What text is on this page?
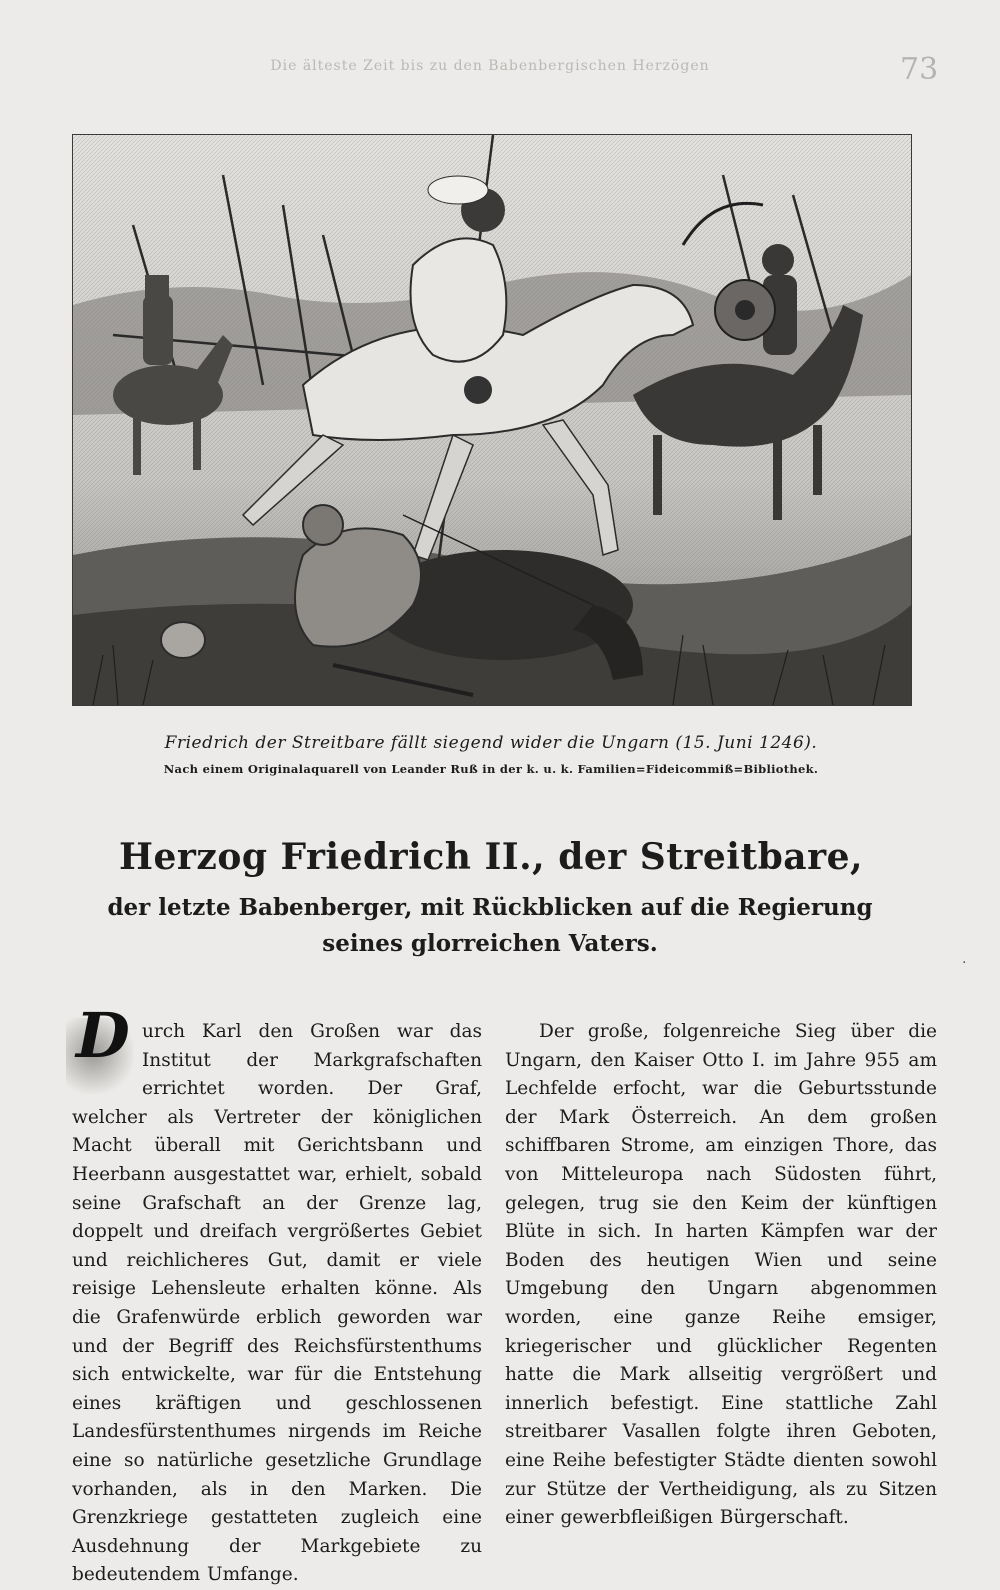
Die älteste Zeit bis zu den Babenbergischen Herzögen	73
Friedrich der Streitbare fällt siegend wider die Ungarn (15. Juni 1246).
Nach einem Originalaquarell von Leander Ruß in der k. u. k. Familien=Fideicommiß=Bibliothek.
Herzog Friedrich II., der Streitbare,
der letzte Babenberger, mit Rückblicken auf die Regierung seines glorreichen Vaters.
D urch Karl den Großen war das Institut der Markgrafschaften errichtet worden. Der Graf, welcher als Vertreter der königlichen Macht überall mit Gerichtsbann und Heerbann ausgestattet war, erhielt, sobald seine Grafschaft an der Grenze lag, doppelt und dreifach vergrößertes Gebiet und reichlicheres Gut, damit er viele reisige Lehensleute erhalten könne. Als die Grafenwürde erblich geworden war und der Begriff des Reichsfürstenthums sich entwickelte, war für die Entstehung eines kräftigen und geschlossenen Landesfürstenthumes nirgends im Reiche eine so natürliche gesetzliche Grundlage vorhanden, als in den Marken. Die Grenzkriege gestatteten zugleich eine Ausdehnung der Markgebiete zu bedeutendem Umfange.

Der große, folgenreiche Sieg über die Ungarn, den Kaiser Otto I. im Jahre 955 am Lechfelde erfocht, war die Geburtsstunde der Mark Österreich. An dem großen schiffbaren Strome, am einzigen Thore, das von Mitteleuropa nach Südosten führt, gelegen, trug sie den Keim der künftigen Blüte in sich. In harten Kämpfen war der Boden des heutigen Wien und seine Umgebung den Ungarn abgenommen worden, eine ganze Reihe emsiger, kriegerischer und glücklicher Regenten hatte die Mark allseitig vergrößert und innerlich befestigt. Eine stattliche Zahl streitbarer Vasallen folgte ihren Geboten, eine Reihe befestigter Städte dienten sowohl zur Stütze der Vertheidigung, als zu Sitzen einer gewerbfleißigen Bürgerschaft.

·
